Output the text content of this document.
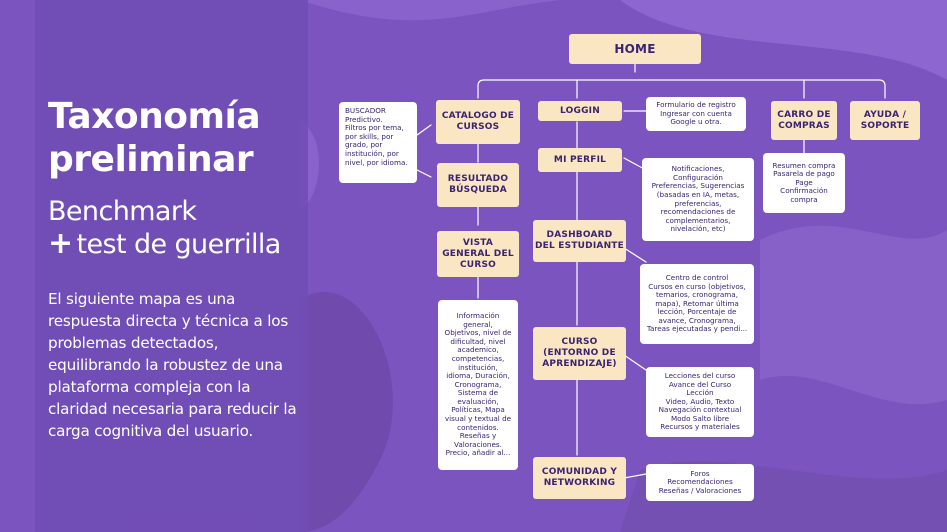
Taxonomía
preliminar
Benchmark
+ test de guerrilla

El siguiente mapa es una respuesta directa y técnica a los problemas detectados, equilibrando la robustez de una plataforma compleja con la claridad necesaria para reducir la carga cognitiva del usuario.

HOME
CATALOGO DE CURSOS
LOGGIN	CARRO DE COMPRAS
AYUDA / SOPORTE
RESULTADO BÚSQUEDA
MI PERFIL
VISTA GENERAL DEL CURSO
DASHBOARD DEL ESTUDIANTE
CURSO (ENTORNO DE APRENDIZAJE)
COMUNIDAD Y NETWORKING
BUSCADOR
Predictivo.
Filtros por tema,
por skills, por
grado, por
institución, por
nivel, por idioma.
Formulario de registro
Ingresar con cuenta
Google u otra.
Resumen compra
Pasarela de pago
Page
Confirmación
compra
Notificaciones,
Configuración
Preferencias, Sugerencias
(basadas en IA, metas,
preferencias,
recomendaciones de
complementarios,
nivelación, etc)
Centro de control
Cursos en curso (objetivos,
temarios, cronograma,
mapa), Retomar última
lección, Porcentaje de
avance, Cronograma,
Tareas ejecutadas y pendi...
Información
general,
Objetivos, nivel de
dificultad, nivel
academico,
competencias,
institución,
idioma, Duración,
Cronograma,
Sistema de
evaluación,
Políticas, Mapa
visual y textual de
contenidos.
Reseñas y
Valoraciones.
Precio, añadir al...
Lecciones del curso
Avance del Curso
Lección
Video, Audio, Texto
Navegación contextual
Modo Salto libre
Recursos y materiales
Foros
Recomendaciones
Reseñas / Valoraciones
